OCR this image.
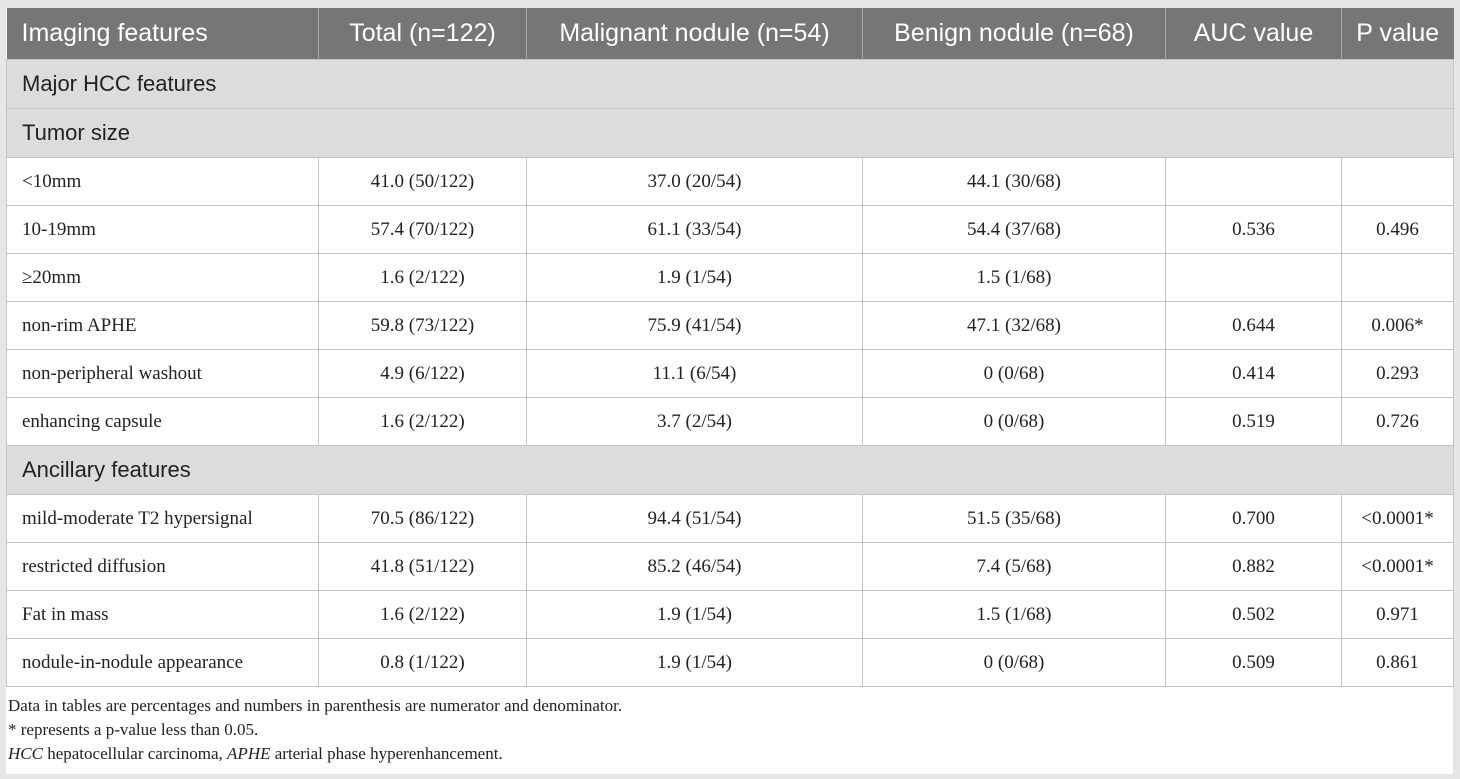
Imaging features	Total (n=122)	Malignant nodule (n=54)	Benign nodule (n=68)	AUC value	P value
Major HCC features					
Tumor size					
<10mm	41.0 (50/122)	37.0 (20/54)	44.1 (30/68)		
10-19mm	57.4 (70/122)	61.1 (33/54)	54.4 (37/68)	0.536	0.496
≥20mm	1.6 (2/122)	1.9 (1/54)	1.5 (1/68)		
non-rim APHE	59.8 (73/122)	75.9 (41/54)	47.1 (32/68)	0.644	0.006*
non-peripheral washout	4.9 (6/122)	11.1 (6/54)	0 (0/68)	0.414	0.293
enhancing capsule	1.6 (2/122)	3.7 (2/54)	0 (0/68)	0.519	0.726
Ancillary features					
mild-moderate T2 hypersignal	70.5 (86/122)	94.4 (51/54)	51.5 (35/68)	0.700	<0.0001*
restricted diffusion	41.8 (51/122)	85.2 (46/54)	7.4 (5/68)	0.882	<0.0001*
Fat in mass	1.6 (2/122)	1.9 (1/54)	1.5 (1/68)	0.502	0.971
nodule-in-nodule appearance	0.8 (1/122)	1.9 (1/54)	0 (0/68)	0.509	0.861
Data in tables are percentages and numbers in parenthesis are numerator and denominator.
* represents a p-value less than 0.05.
HCC hepatocellular carcinoma, APHE arterial phase hyperenhancement.
